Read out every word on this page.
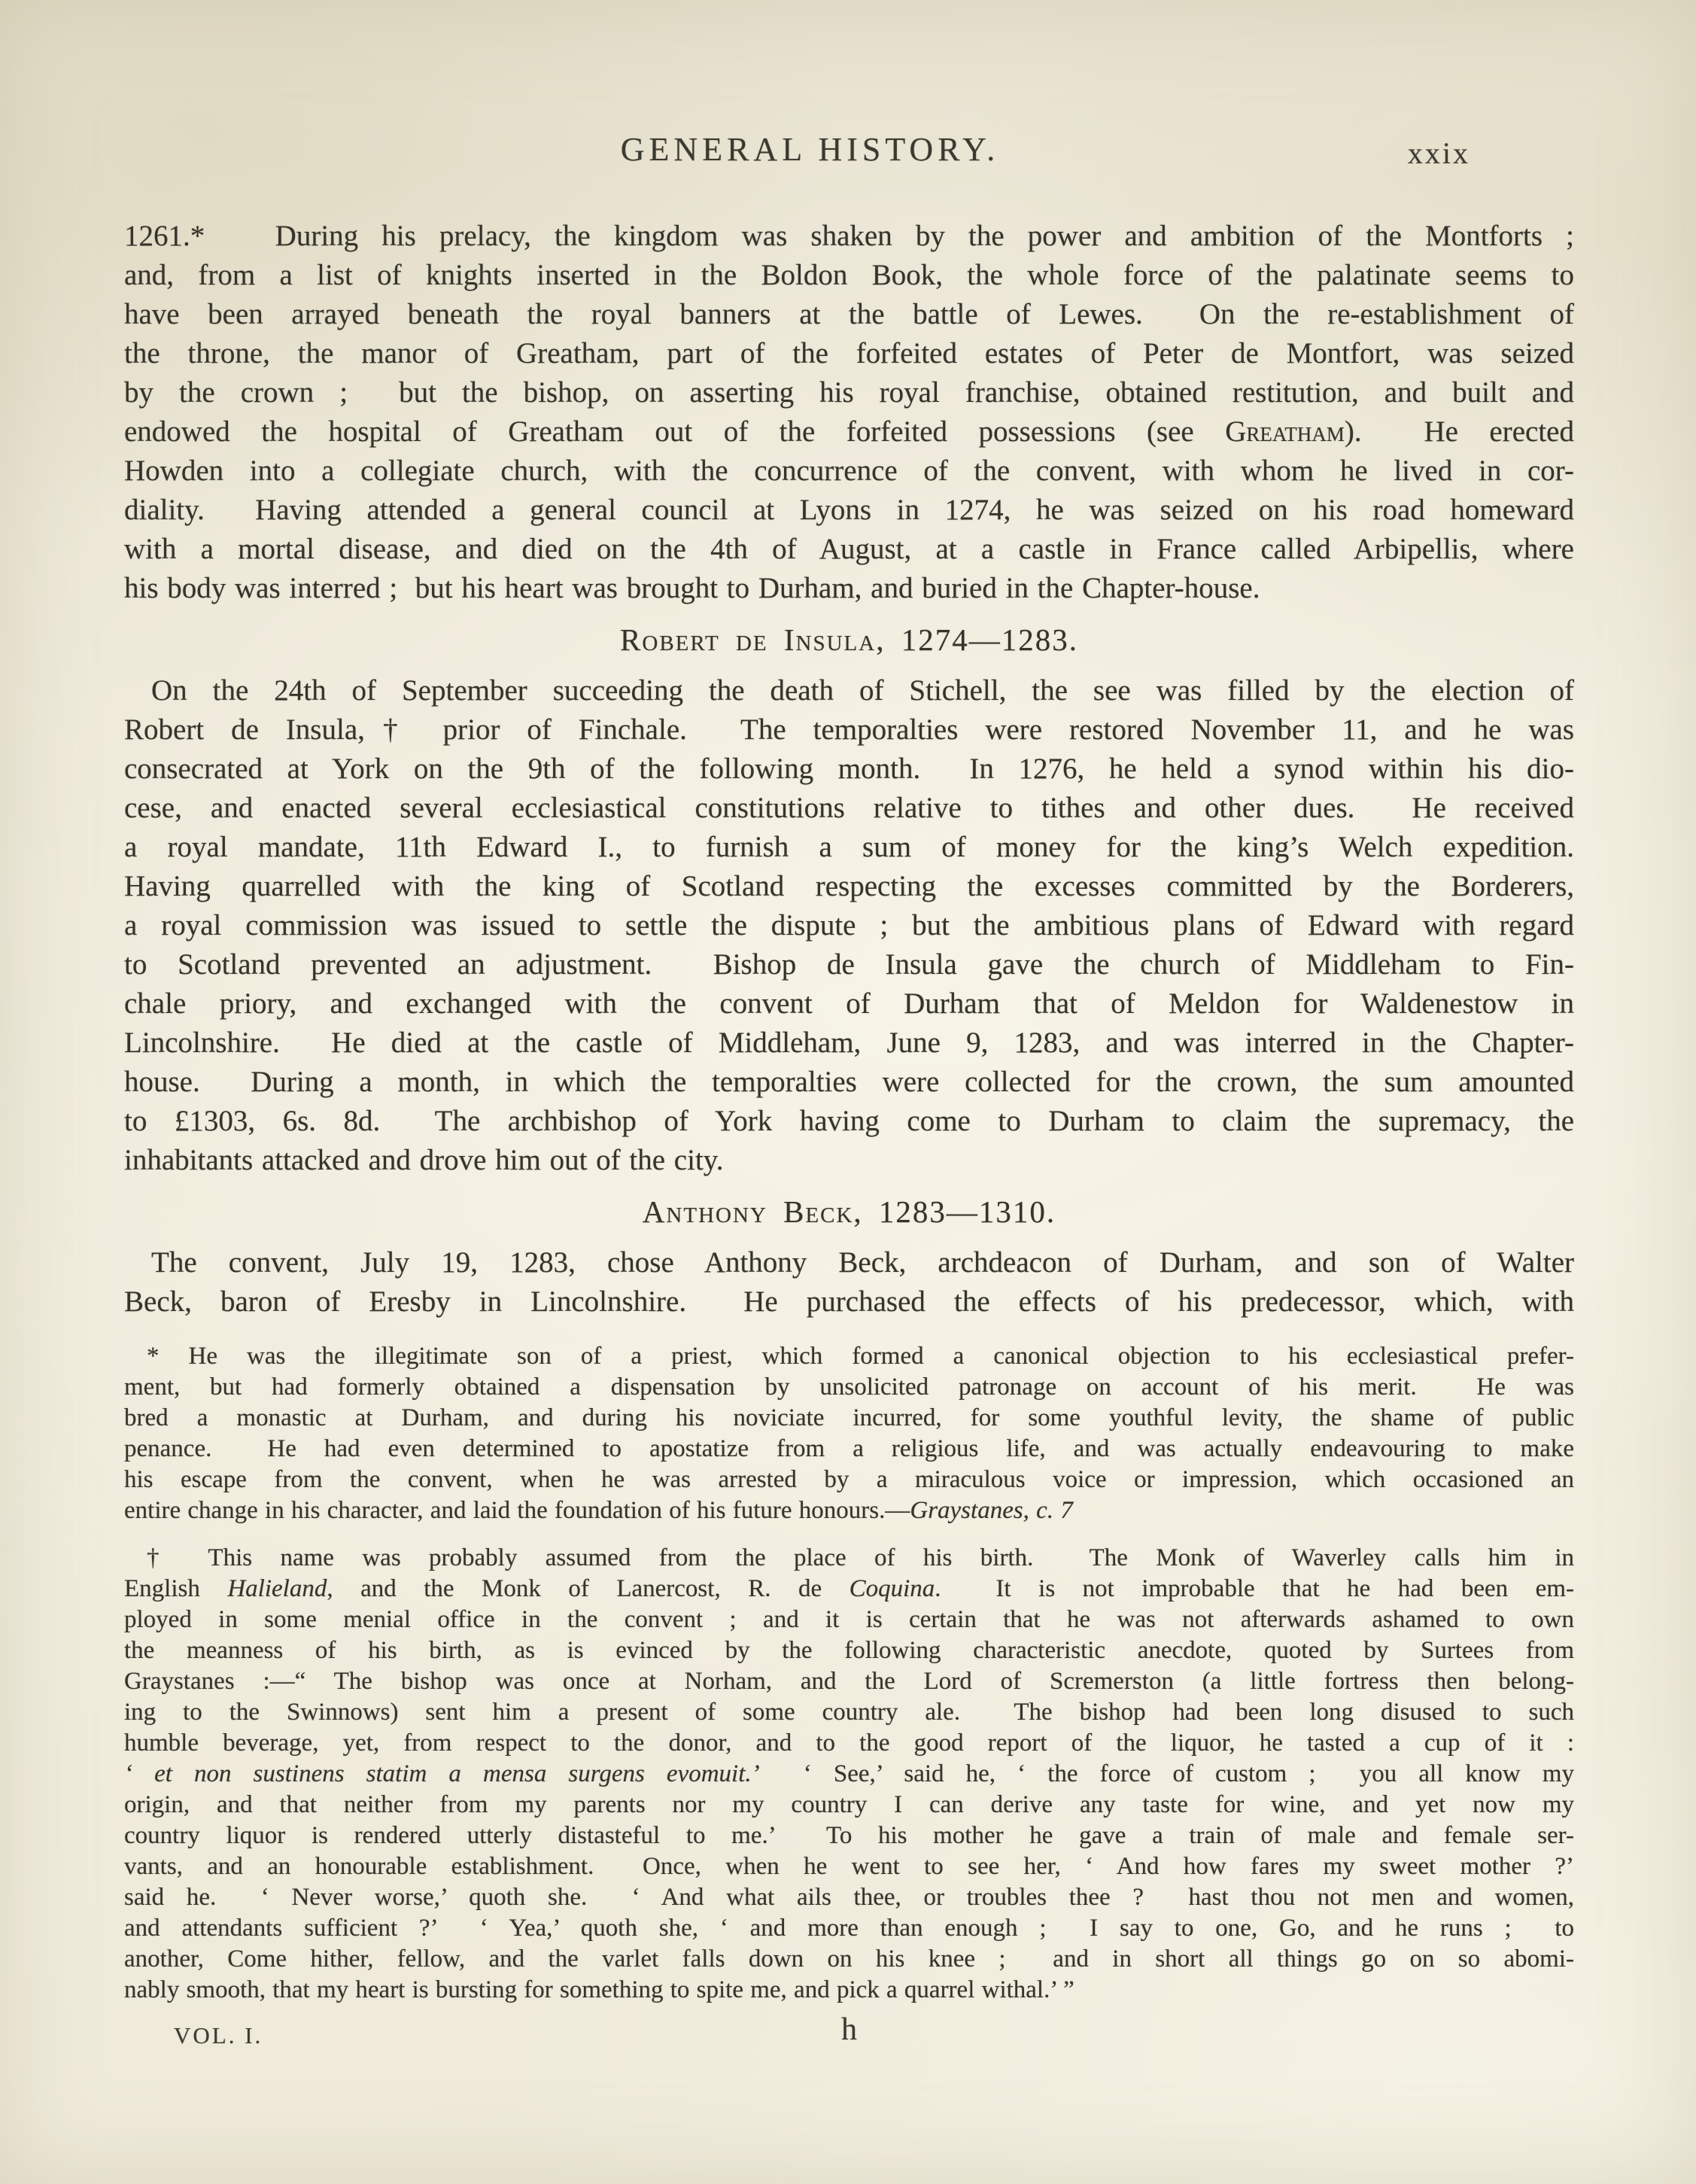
GENERAL HISTORY.	xxix
1261.*   During his prelacy, the kingdom was shaken by the power and ambition of the Montforts ;
and, from a list of knights inserted in the Boldon Book, the whole force of the palatinate seems to
have been arrayed beneath the royal banners at the battle of Lewes.  On the re-establishment of
the throne, the manor of Greatham, part of the forfeited estates of Peter de Montfort, was seized
by the crown ;  but the bishop, on asserting his royal franchise, obtained restitution, and built and
endowed the hospital of Greatham out of the forfeited possessions (see Greatham).  He erected
Howden into a collegiate church, with the concurrence of the convent, with whom he lived in cor-
diality.  Having attended a general council at Lyons in 1274, he was seized on his road homeward
with a mortal disease, and died on the 4th of August, at a castle in France called Arbipellis, where
his body was interred ;  but his heart was brought to Durham, and buried in the Chapter-house.
Robert de Insula, 1274—1283.
On the 24th of September succeeding the death of Stichell, the see was filled by the election of
Robert de Insula,† prior of Finchale.  The temporalties were restored November 11, and he was
consecrated at York on the 9th of the following month.  In 1276, he held a synod within his dio-
cese, and enacted several ecclesiastical constitutions relative to tithes and other dues.  He received
a royal mandate, 11th Edward I., to furnish a sum of money for the king’s Welch expedition.
Having quarrelled with the king of Scotland respecting the excesses committed by the Borderers,
a royal commission was issued to settle the dispute ; but the ambitious plans of Edward with regard
to Scotland prevented an adjustment.  Bishop de Insula gave the church of Middleham to Fin-
chale priory, and exchanged with the convent of Durham that of Meldon for Waldenestow in
Lincolnshire.  He died at the castle of Middleham, June 9, 1283, and was interred in the Chapter-
house.  During a month, in which the temporalties were collected for the crown, the sum amounted
to £1303, 6s. 8d.  The archbishop of York having come to Durham to claim the supremacy, the
inhabitants attacked and drove him out of the city.
Anthony Beck, 1283—1310.
The convent, July 19, 1283, chose Anthony Beck, archdeacon of Durham, and son of Walter
Beck, baron of Eresby in Lincolnshire.  He purchased the effects of his predecessor, which, with
* He was the illegitimate son of a priest, which formed a canonical objection to his ecclesiastical prefer-
ment, but had formerly obtained a dispensation by unsolicited patronage on account of his merit.  He was
bred a monastic at Durham, and during his noviciate incurred, for some youthful levity, the shame of public
penance.  He had even determined to apostatize from a religious life, and was actually endeavouring to make
his escape from the convent, when he was arrested by a miraculous voice or impression, which occasioned an
entire change in his character, and laid the foundation of his future honours.—Graystanes, c. 7
† This name was probably assumed from the place of his birth.  The Monk of Waverley calls him in
English Halieland, and the Monk of Lanercost, R. de Coquina.  It is not improbable that he had been em-
ployed in some menial office in the convent ; and it is certain that he was not afterwards ashamed to own
the meanness of his birth, as is evinced by the following characteristic anecdote, quoted by Surtees from
Graystanes :—“ The bishop was once at Norham, and the Lord of Scremerston (a little fortress then belong-
ing to the Swinnows) sent him a present of some country ale.  The bishop had been long disused to such
humble beverage, yet, from respect to the donor, and to the good report of the liquor, he tasted a cup of it :
‘ et non sustinens statim a mensa surgens evomuit.’  ‘ See,’ said he, ‘ the force of custom ;  you all know my
origin, and that neither from my parents nor my country I can derive any taste for wine, and yet now my
country liquor is rendered utterly distasteful to me.’  To his mother he gave a train of male and female ser-
vants, and an honourable establishment.  Once, when he went to see her, ‘ And how fares my sweet mother ?’
said he.  ‘ Never worse,’ quoth she.  ‘ And what ails thee, or troubles thee ?  hast thou not men and women,
and attendants sufficient ?’  ‘ Yea,’ quoth she, ‘ and more than enough ;  I say to one, Go, and he runs ;  to
another, Come hither, fellow, and the varlet falls down on his knee ;  and in short all things go on so abomi-
nably smooth, that my heart is bursting for something to spite me, and pick a quarrel withal.’ ”
VOL. I.	h
